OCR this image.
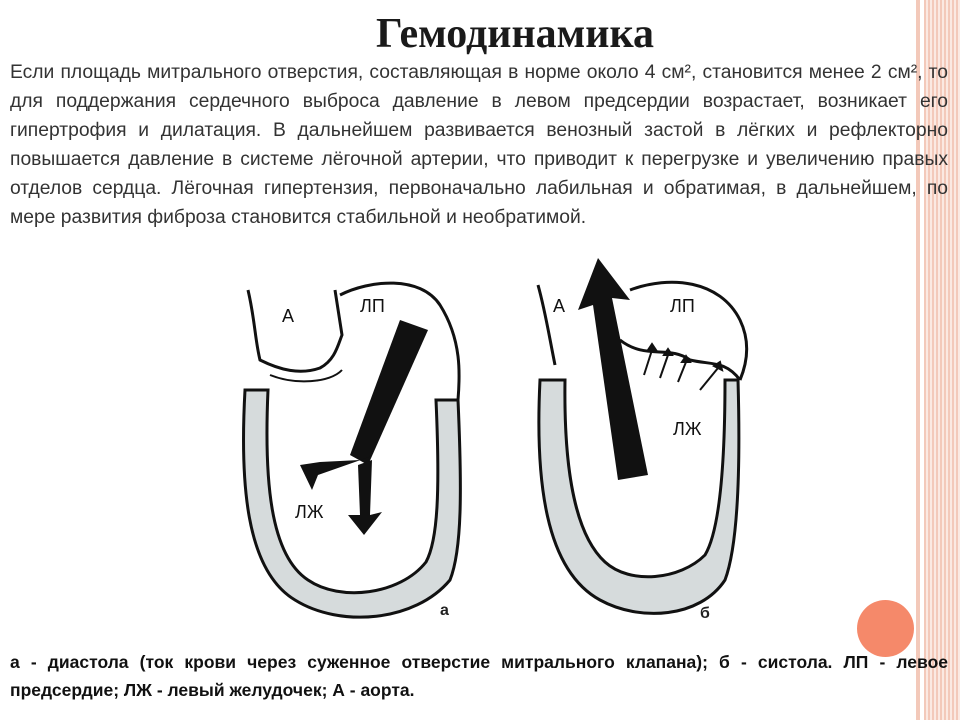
Гемодинамика

Если площадь митрального отверстия, составляющая в норме около 4 см², становится менее 2 см², то для поддержания сердечного выброса давление в левом предсердии возрастает, возникает его гипертрофия и дилатация. В дальнейшем развивается венозный застой в лёгких и рефлекторно повышается давление в системе лёгочной артерии, что приводит к перегрузке и увеличению правых отделов сердца. Лёгочная гипертензия, первоначально лабильная и обратимая, в дальнейшем, по мере развития фиброза становится стабильной и необратимой.

А	ЛП
ЛЖ
а
А	ЛП
ЛЖ
б

а - диастола (ток крови через суженное отверстие митрального клапана); б - систола. ЛП - левое предсердие; ЛЖ - левый желудочек; А - аорта.
